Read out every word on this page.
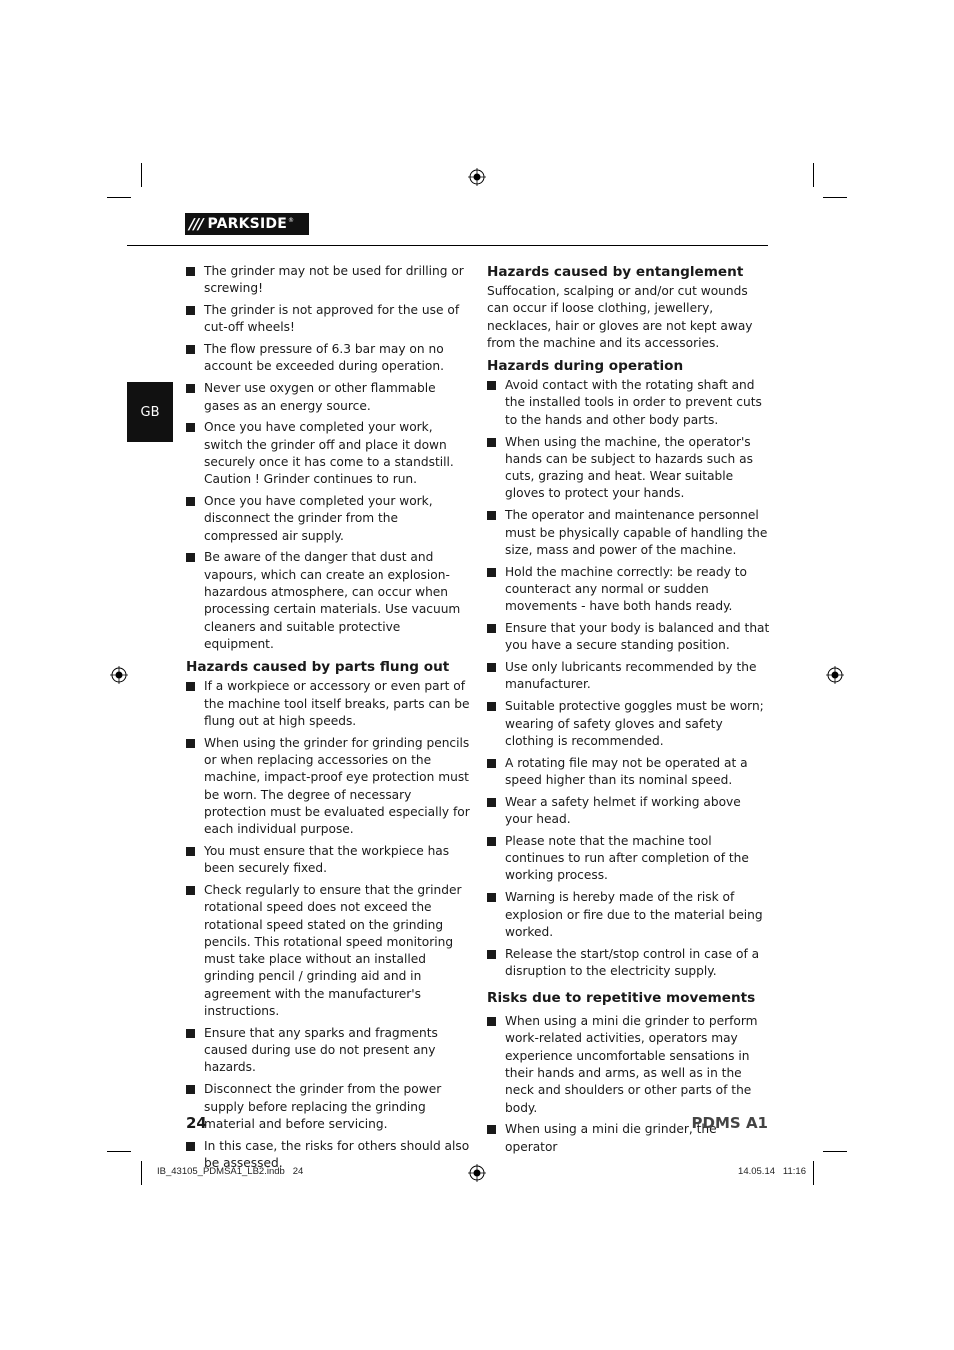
/// PARKSIDE ®
GB
The grinder may not be used for drilling or screwing!
The grinder is not approved for the use of cut-off wheels!
The flow pressure of 6.3 bar may on no account be exceeded during operation.
Never use oxygen or other flammable gases as an energy source.
Once you have completed your work, switch the grinder off and place it down securely once it has come to a standstill.
Caution ! Grinder continues to run.
Once you have completed your work, disconnect the grinder from the compressed air supply.
Be aware of the danger that dust and vapours, which can create an explosion-hazardous atmosphere, can occur when processing certain materials. Use vacuum cleaners and suitable protective equipment.
Hazards caused by parts flung out
If a workpiece or accessory or even part of the machine tool itself breaks, parts can be flung out at high speeds.
When using the grinder for grinding pencils or when replacing accessories on the machine, impact-proof eye protection must be worn. The degree of necessary protection must be evaluated especially for each individual purpose.
You must ensure that the workpiece has been securely fixed.
Check regularly to ensure that the grinder rotational speed does not exceed the rotational speed stated on the grinding pencils. This rotational speed monitoring must take place without an installed grinding pencil / grinding aid and in agreement with the manufacturer's instructions.
Ensure that any sparks and fragments caused during use do not present any hazards.
Disconnect the grinder from the power supply before replacing the grinding material and before servicing.
In this case, the risks for others should also be assessed.
Hazards caused by entanglement

Suffocation, scalping or and/or cut wounds can occur if loose clothing, jewellery, necklaces, hair or gloves are not kept away from the machine and its accessories.

Hazards during operation
Avoid contact with the rotating shaft and the installed tools in order to prevent cuts to the hands and other body parts.
When using the machine, the operator's hands can be subject to hazards such as cuts, grazing and heat. Wear suitable gloves to protect your hands.
The operator and maintenance personnel must be physically capable of handling the size, mass and power of the machine.
Hold the machine correctly: be ready to counteract any normal or sudden movements - have both hands ready.
Ensure that your body is balanced and that you have a secure standing position.
Use only lubricants recommended by the manufacturer.
Suitable protective goggles must be worn; wearing of safety gloves and safety clothing is recommended.
A rotating file may not be operated at a speed higher than its nominal speed.
Wear a safety helmet if working above your head.
Please note that the machine tool continues to run after completion of the working process.
Warning is hereby made of the risk of explosion or fire due to the material being worked.
Release the start/stop control in case of a disruption to the electricity supply.
Risks due to repetitive movements
When using a mini die grinder to perform work-related activities, operators may experience uncomfortable sensations in their hands and arms, as well as in the neck and shoulders or other parts of the body.
When using a mini die grinder, the operator
24	PDMS A1
IB_43105_PDMSA1_LB2.indb   24	14.05.14   11:16
